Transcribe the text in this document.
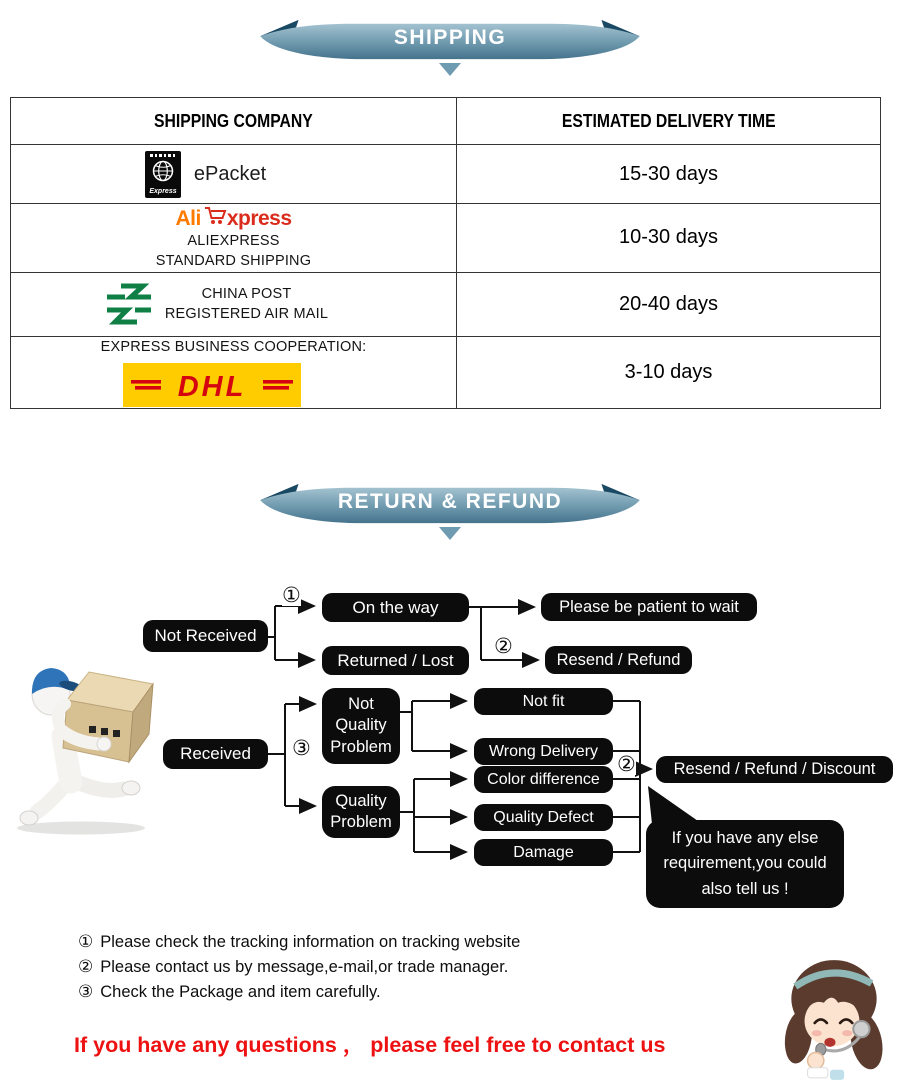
SHIPPING
SHIPPING COMPANY	ESTIMATED DELIVERY TIME

Express
ePacket	15-30 days

Ali xpress
ALIEXPRESS
STANDARD SHIPPING	10-30 days

CHINA POST
REGISTERED AIR MAIL	20-40 days

EXPRESS BUSINESS COOPERATION:
DHL	3-10 days
RETURN & REFUND
①
②
③
②
Not Received
On the way
Returned / Lost
Please be patient to wait
Resend / Refund
Received
Not
Quality
Problem
Quality
Problem
Not fit
Wrong Delivery
Color difference
Quality Defect
Damage
Resend / Refund / Discount
If you have any else
requirement,you could
also tell us !
① Please check the tracking information on tracking website
② Please contact us by message,e-mail,or trade manager.
③ Check the Package and item carefully.
If you have any questions ， please feel free to contact us
